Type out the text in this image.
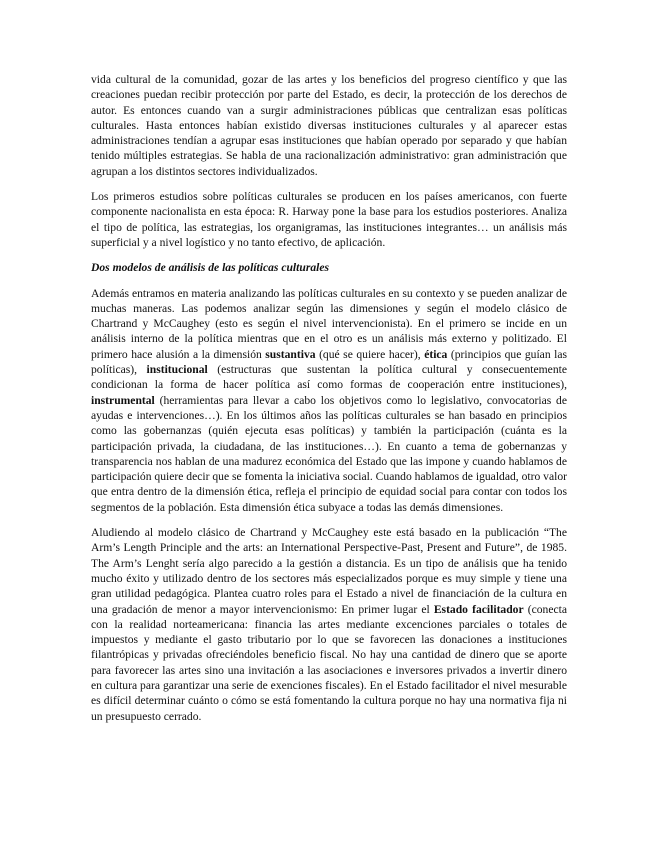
vida cultural de la comunidad, gozar de las artes y los beneficios del progreso científico y que las creaciones puedan recibir protección por parte del Estado, es decir, la protección de los derechos de autor. Es entonces cuando van a surgir administraciones públicas que centralizan esas políticas culturales. Hasta entonces habían existido diversas instituciones culturales y al aparecer estas administraciones tendían a agrupar esas instituciones que habían operado por separado y que habían tenido múltiples estrategias. Se habla de una racionalización administrativo: gran administración que agrupan a los distintos sectores individualizados.

Los primeros estudios sobre políticas culturales se producen en los países americanos, con fuerte componente nacionalista en esta época: R. Harway pone la base para los estudios posteriores. Analiza el tipo de política, las estrategias, los organigramas, las instituciones integrantes… un análisis más superficial y a nivel logístico y no tanto efectivo, de aplicación.

Dos modelos de análisis de las políticas culturales

Además entramos en materia analizando las políticas culturales en su contexto y se pueden analizar de muchas maneras. Las podemos analizar según las dimensiones y según el modelo clásico de Chartrand y McCaughey (esto es según el nivel intervencionista). En el primero se incide en un análisis interno de la política mientras que en el otro es un análisis más externo y politizado. El primero hace alusión a la dimensión sustantiva (qué se quiere hacer), ética (principios que guían las políticas), institucional (estructuras que sustentan la política cultural y consecuentemente condicionan la forma de hacer política así como formas de cooperación entre instituciones), instrumental (herramientas para llevar a cabo los objetivos como lo legislativo, convocatorias de ayudas e intervenciones…). En los últimos años las políticas culturales se han basado en principios como las gobernanzas (quién ejecuta esas políticas) y también la participación (cuánta es la participación privada, la ciudadana, de las instituciones…). En cuanto a tema de gobernanzas y transparencia nos hablan de una madurez económica del Estado que las impone y cuando hablamos de participación quiere decir que se fomenta la iniciativa social. Cuando hablamos de igualdad, otro valor que entra dentro de la dimensión ética, refleja el principio de equidad social para contar con todos los segmentos de la población. Esta dimensión ética subyace a todas las demás dimensiones.

Aludiendo al modelo clásico de Chartrand y McCaughey este está basado en la publicación “The Arm’s Length Principle and the arts: an International Perspective-Past, Present and Future”, de 1985. The Arm’s Lenght sería algo parecido a la gestión a distancia. Es un tipo de análisis que ha tenido mucho éxito y utilizado dentro de los sectores más especializados porque es muy simple y tiene una gran utilidad pedagógica. Plantea cuatro roles para el Estado a nivel de financiación de la cultura en una gradación de menor a mayor intervencionismo: En primer lugar el Estado facilitador (conecta con la realidad norteamericana: financia las artes mediante excenciones parciales o totales de impuestos y mediante el gasto tributario por lo que se favorecen las donaciones a instituciones filantrópicas y privadas ofreciéndoles beneficio fiscal. No hay una cantidad de dinero que se aporte para favorecer las artes sino una invitación a las asociaciones e inversores privados a invertir dinero en cultura para garantizar una serie de exenciones fiscales). En el Estado facilitador el nivel mesurable es difícil determinar cuánto o cómo se está fomentando la cultura porque no hay una normativa fija ni un presupuesto cerrado.
